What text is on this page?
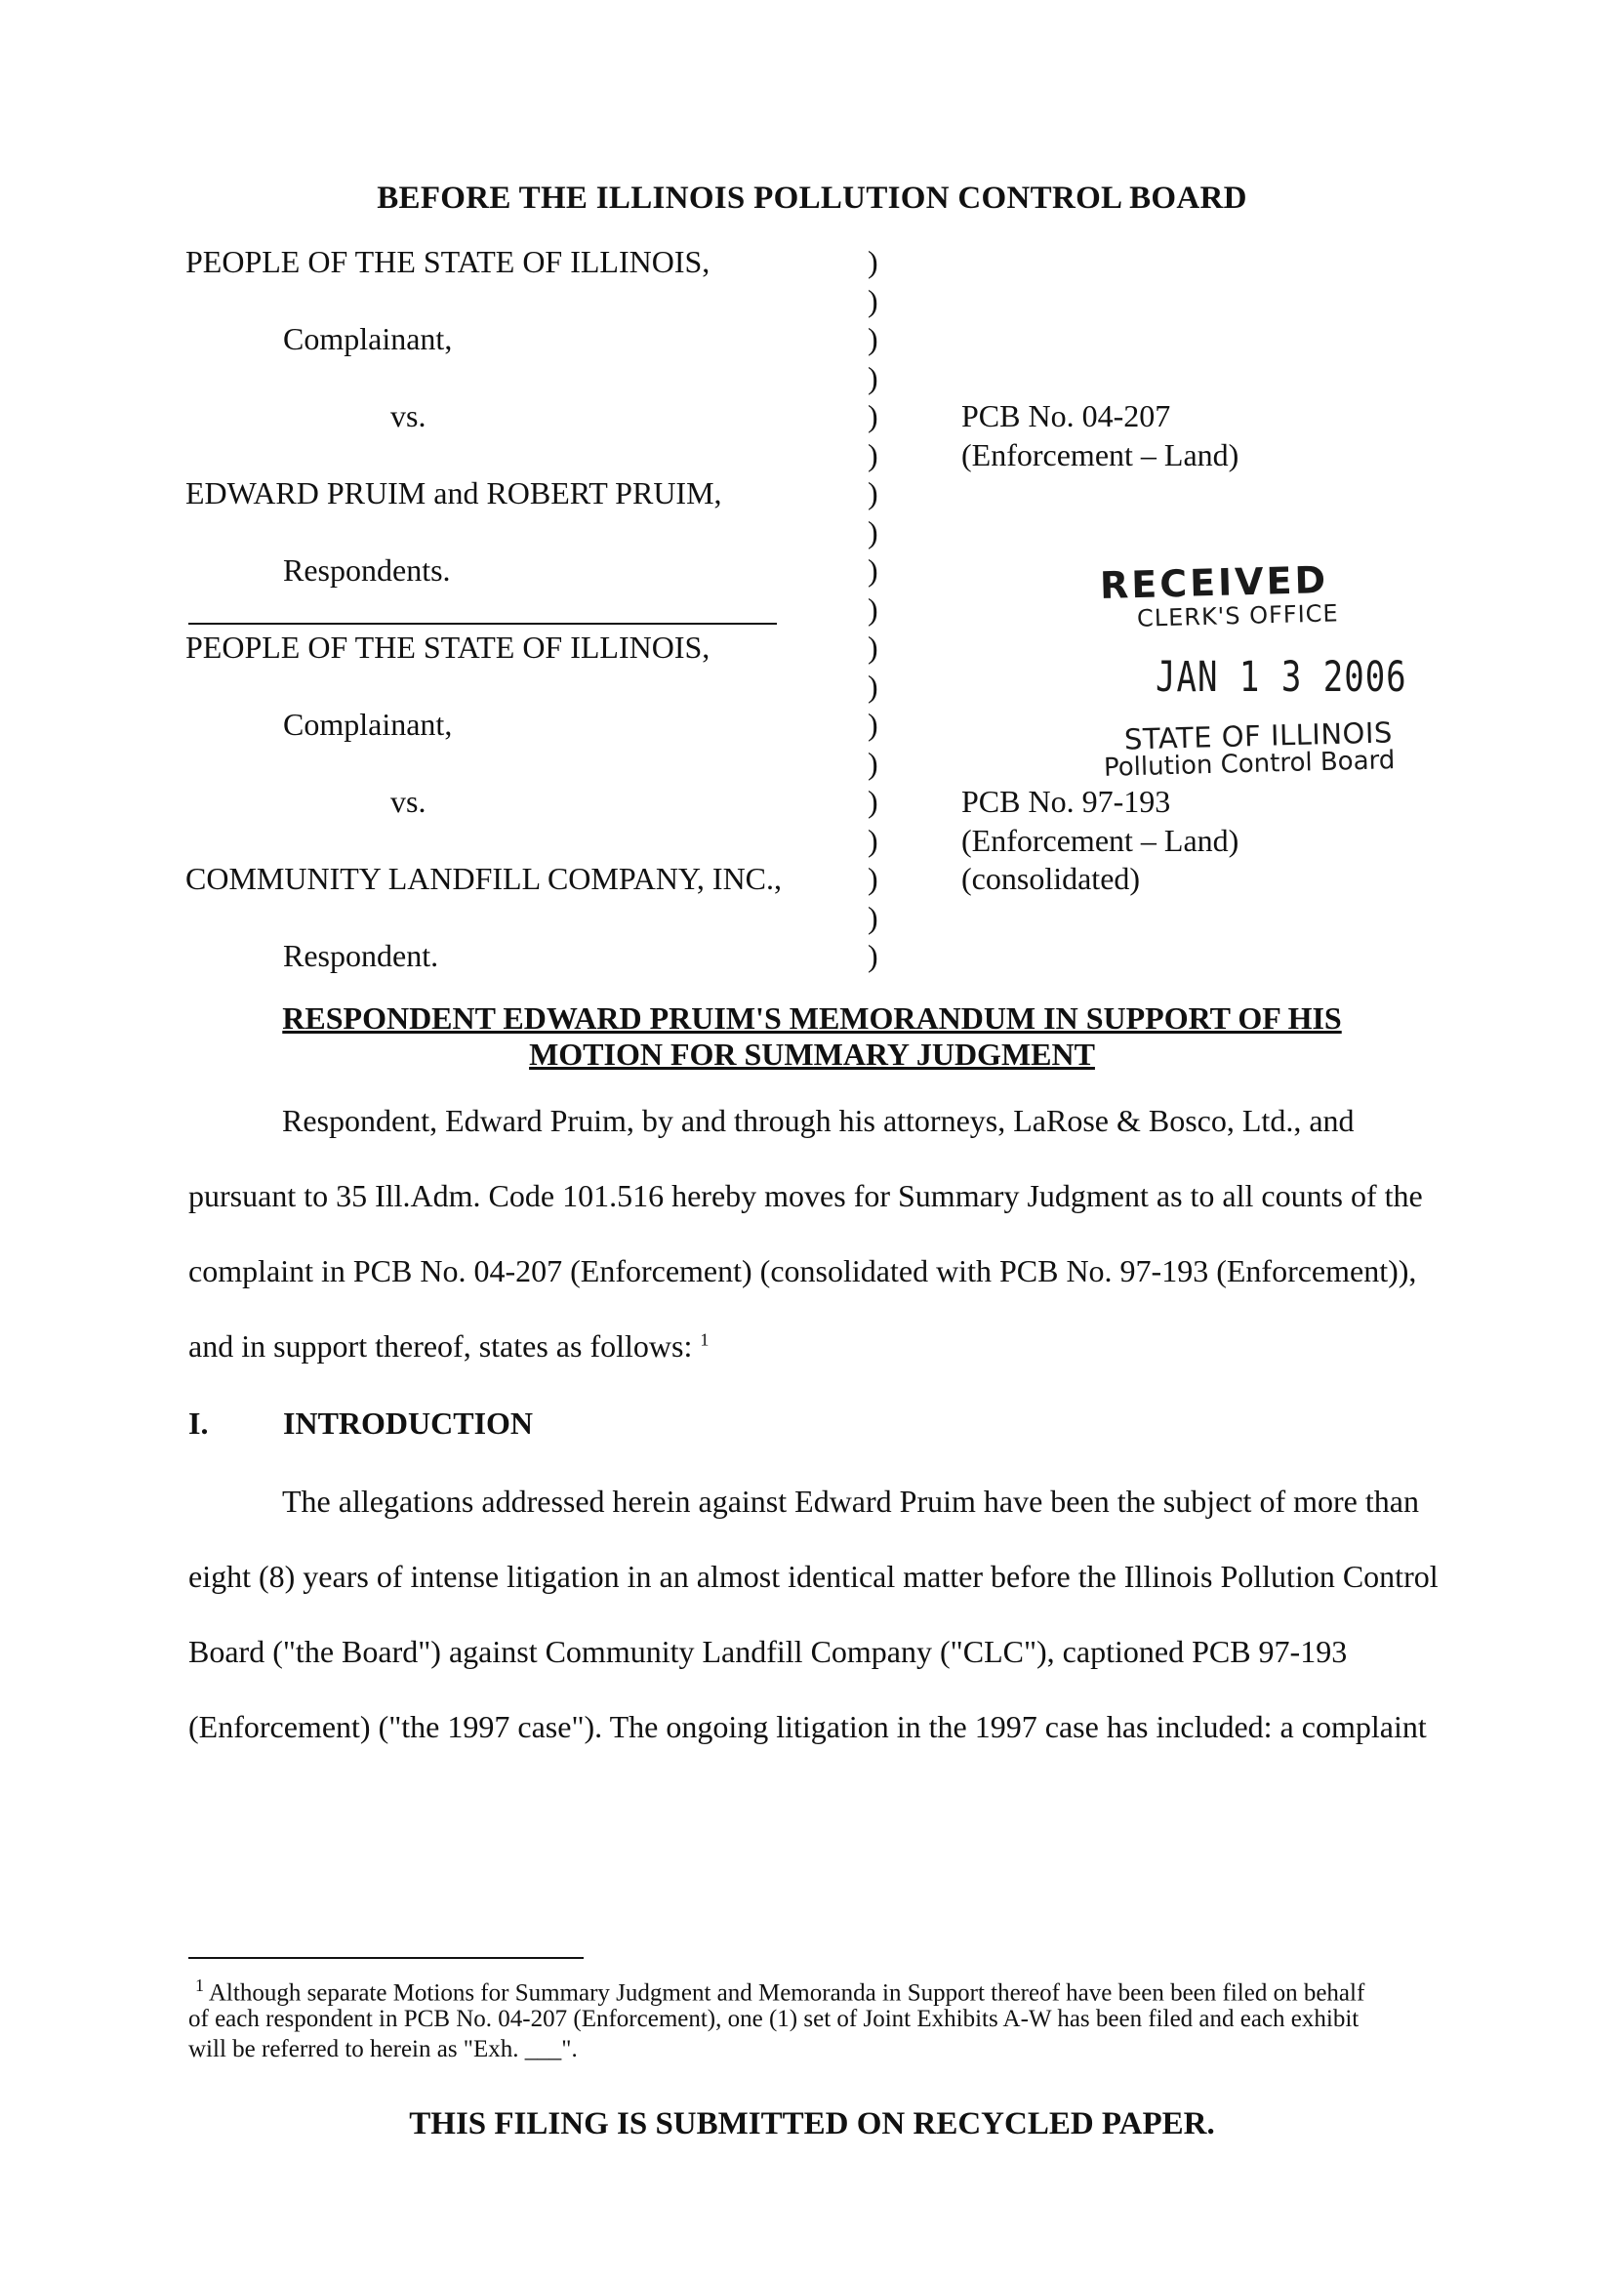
BEFORE THE ILLINOIS POLLUTION CONTROL BOARD
PEOPLE OF THE STATE OF ILLINOIS,
Complainant,
vs.
EDWARD PRUIM and ROBERT PRUIM,
Respondents.
PEOPLE OF THE STATE OF ILLINOIS,
Complainant,
vs.
COMMUNITY LANDFILL COMPANY, INC.,
Respondent.
)
)
)
)
)
)
)
)
)
)
)
)
)
)
)
)
)
)
)
PCB No. 04-207
(Enforcement – Land)
RECEIVED
CLERK'S OFFICE
JAN 1 3 2006
STATE OF ILLINOIS
Pollution Control Board
PCB No. 97-193
(Enforcement – Land)
(consolidated)
RESPONDENT EDWARD PRUIM'S MEMORANDUM IN SUPPORT OF HIS
MOTION FOR SUMMARY JUDGMENT
Respondent, Edward Pruim, by and through his attorneys, LaRose & Bosco, Ltd., and
pursuant to 35 Ill.Adm. Code 101.516 hereby moves for Summary Judgment as to all counts of the
complaint in PCB No. 04-207 (Enforcement) (consolidated with PCB No. 97-193 (Enforcement)),
and in support thereof, states as follows: $^1$
I. INTRODUCTION
The allegations addressed herein against Edward Pruim have been the subject of more than
eight (8) years of intense litigation in an almost identical matter before the Illinois Pollution Control
Board ("the Board") against Community Landfill Company ("CLC"), captioned PCB 97-193
(Enforcement) ("the 1997 case"). The ongoing litigation in the 1997 case has included: a complaint
$^1$ Although separate Motions for Summary Judgment and Memoranda in Support thereof have been been filed on behalf
of each respondent in PCB No. 04-207 (Enforcement), one (1) set of Joint Exhibits A-W has been filed and each exhibit
will be referred to herein as "Exh. ___".
THIS FILING IS SUBMITTED ON RECYCLED PAPER.
